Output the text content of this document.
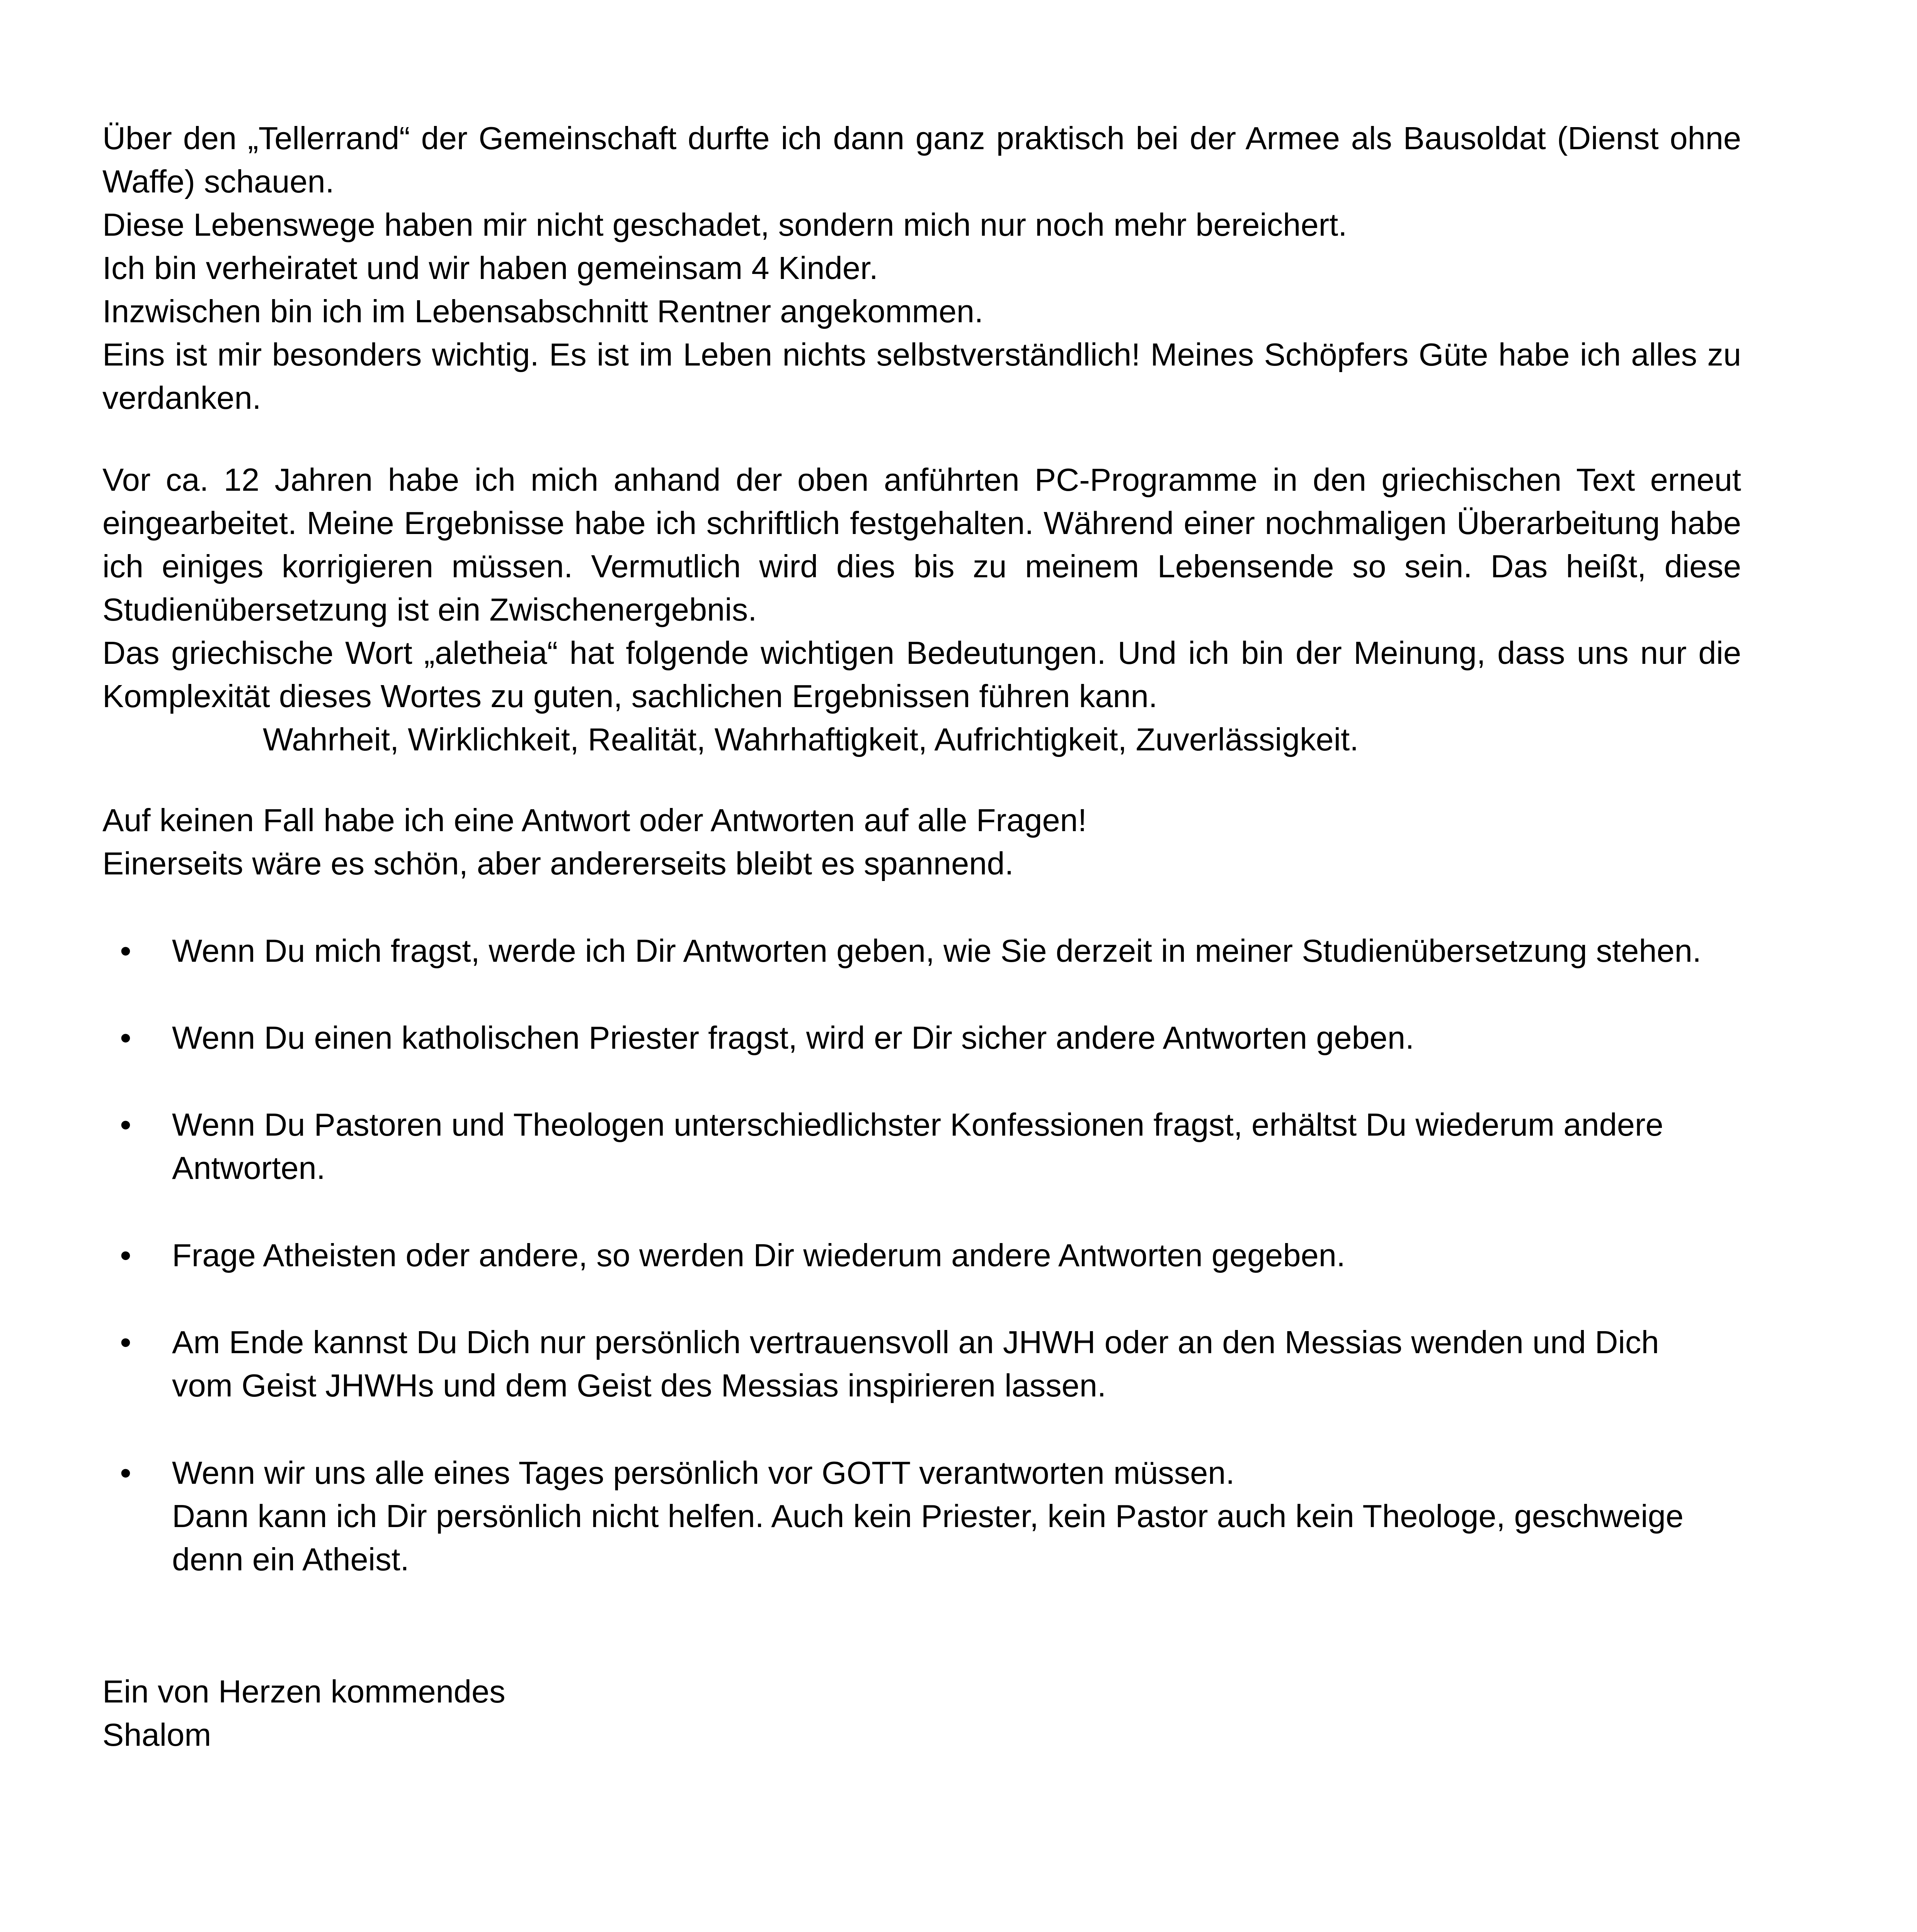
Über den „Tellerrand“ der Gemeinschaft durfte ich dann ganz praktisch bei der Armee als Bausoldat (Dienst ohne
Waffe) schauen.
Diese Lebenswege haben mir nicht geschadet, sondern mich nur noch mehr bereichert.
Ich bin verheiratet und wir haben gemeinsam 4 Kinder.
Inzwischen bin ich im Lebensabschnitt Rentner angekommen.
Eins ist mir besonders wichtig. Es ist im Leben nichts selbstverständlich! Meines Schöpfers Güte habe ich alles zu
verdanken.
Vor ca. 12 Jahren habe ich mich anhand der oben anführten PC-Programme in den griechischen Text erneut
eingearbeitet. Meine Ergebnisse habe ich schriftlich festgehalten. Während einer nochmaligen Überarbeitung habe
ich einiges korrigieren müssen. Vermutlich wird dies bis zu meinem Lebensende so sein. Das heißt, diese
Studienübersetzung ist ein Zwischenergebnis.
Das griechische Wort „aletheia“ hat folgende wichtigen Bedeutungen. Und ich bin der Meinung, dass uns nur die
Komplexität dieses Wortes zu guten, sachlichen Ergebnissen führen kann.
Wahrheit, Wirklichkeit, Realität, Wahrhaftigkeit, Aufrichtigkeit, Zuverlässigkeit.
Auf keinen Fall habe ich eine Antwort oder Antworten auf alle Fragen!
Einerseits wäre es schön, aber andererseits bleibt es spannend.
• Wenn Du mich fragst, werde ich Dir Antworten geben, wie Sie derzeit in meiner Studienübersetzung stehen.
• Wenn Du einen katholischen Priester fragst, wird er Dir sicher andere Antworten geben.
• Wenn Du Pastoren und Theologen unterschiedlichster Konfessionen fragst, erhältst Du wiederum andere
Antworten.
• Frage Atheisten oder andere, so werden Dir wiederum andere Antworten gegeben.
• Am Ende kannst Du Dich nur persönlich vertrauensvoll an JHWH oder an den Messias wenden und Dich
vom Geist JHWHs und dem Geist des Messias inspirieren lassen.
• Wenn wir uns alle eines Tages persönlich vor GOTT verantworten müssen.
Dann kann ich Dir persönlich nicht helfen. Auch kein Priester, kein Pastor auch kein Theologe, geschweige
denn ein Atheist.
Ein von Herzen kommendes
Shalom
